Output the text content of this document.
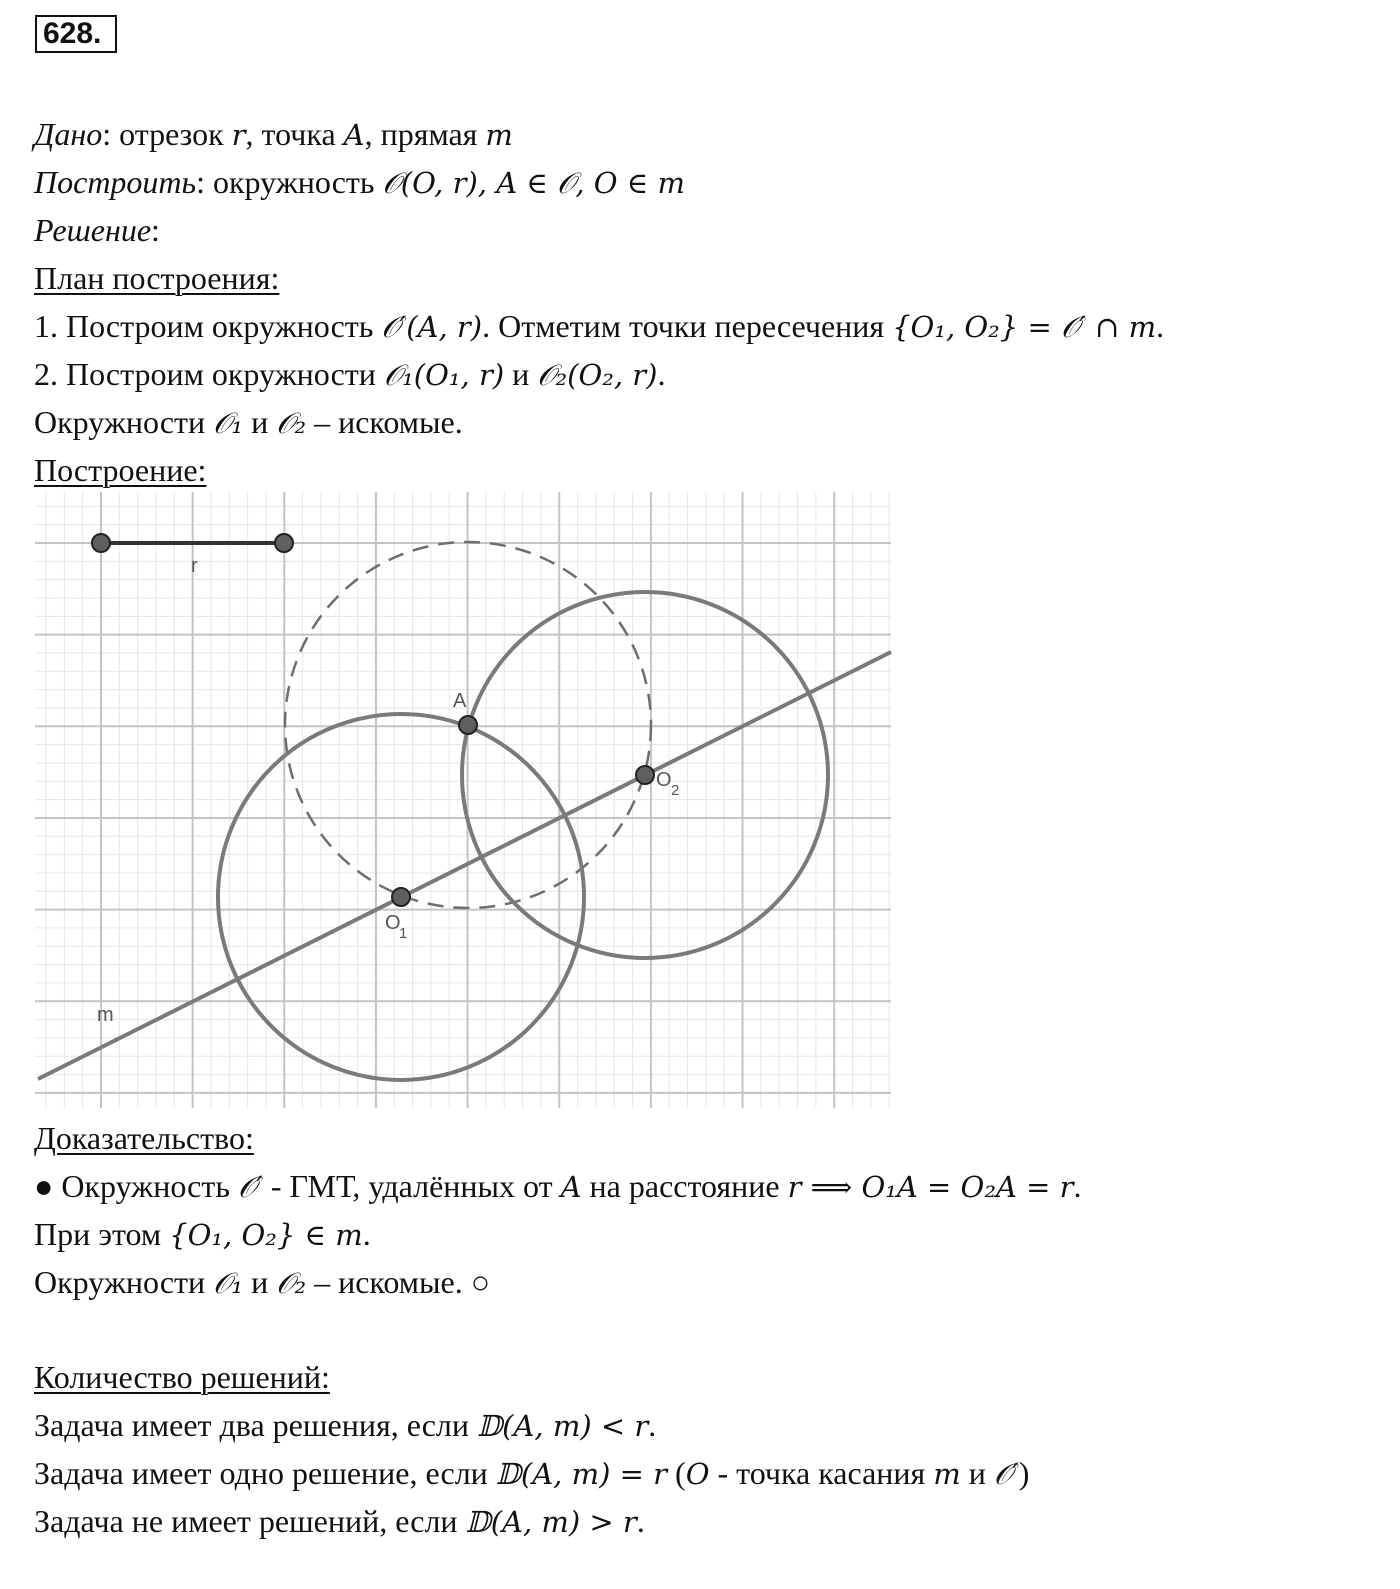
628.
Дано: отрезок r, точка A, прямая m
Построить: окружность 𝒪(O, r), A ∈ 𝒪, O ∈ m
Решение:
План построения:
1. Построим окружность 𝒪′(A, r). Отметим точки пересечения {O₁, O₂} = 𝒪′ ∩ m.
2. Построим окружности 𝒪₁(O₁, r) и 𝒪₂(O₂, r).
Окружности 𝒪₁ и 𝒪₂ – искомые.
Построение:
r
A
O
1
O 2
m
Доказательство:
● Окружность 𝒪′ - ГМТ, удалённых от A на расстояние r ⟹ O₁A = O₂A = r.
При этом {O₁, O₂} ∈ m.
Окружности 𝒪₁ и 𝒪₂ – искомые. ○
Количество решений:
Задача имеет два решения, если 𝔻(A, m) < r.
Задача имеет одно решение, если 𝔻(A, m) = r (O - точка касания m и 𝒪′)
Задача не имеет решений, если 𝔻(A, m) > r.
